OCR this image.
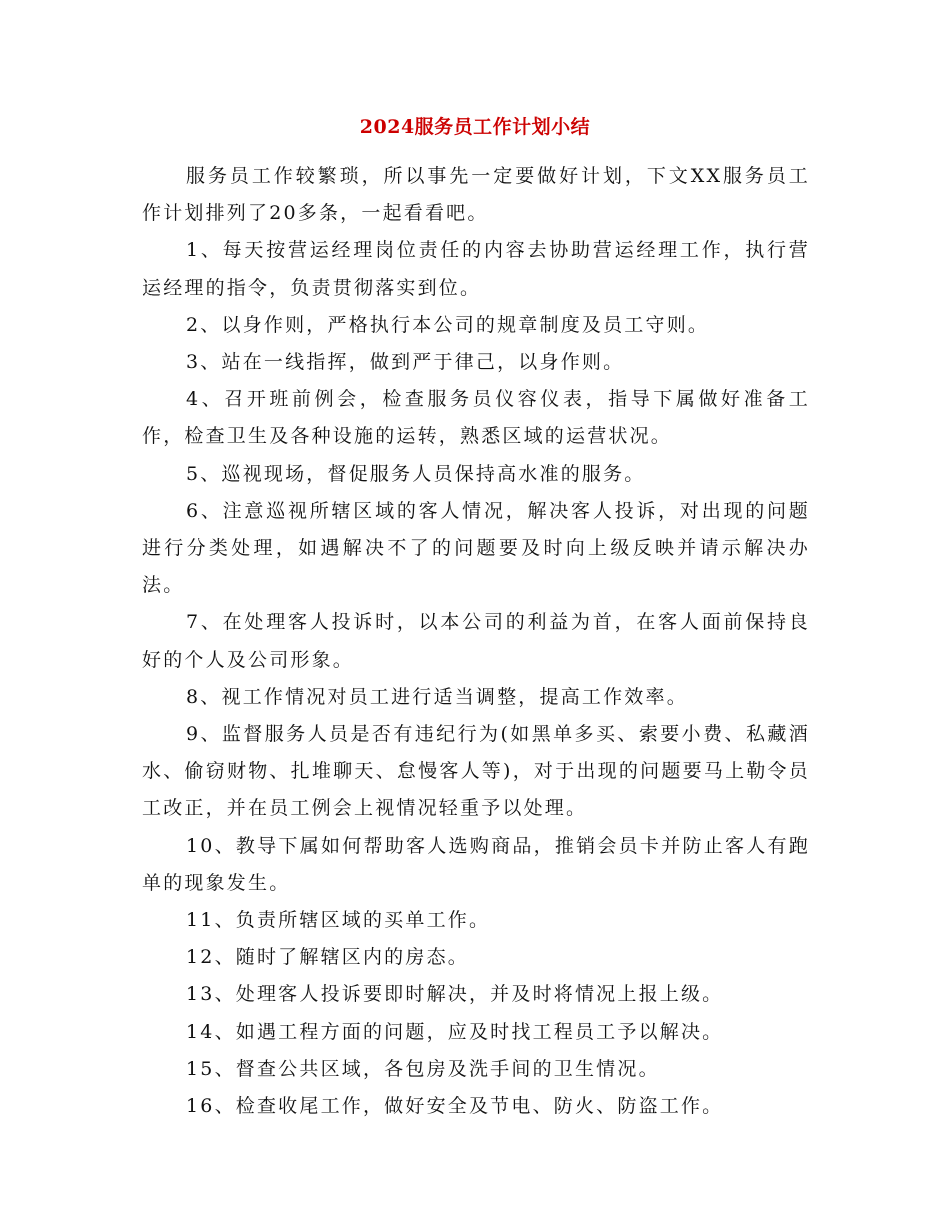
2024服务员工作计划小结

服务员工作较繁琐，所以事先一定要做好计划，下文XX服务员工作计划排列了20多条，一起看看吧。

1、每天按营运经理岗位责任的内容去协助营运经理工作，执行营运经理的指令，负责贯彻落实到位。

2、以身作则，严格执行本公司的规章制度及员工守则。

3、站在一线指挥，做到严于律己，以身作则。

4、召开班前例会，检查服务员仪容仪表，指导下属做好准备工作，检查卫生及各种设施的运转，熟悉区域的运营状况。

5、巡视现场，督促服务人员保持高水准的服务。

6、注意巡视所辖区域的客人情况，解决客人投诉，对出现的问题进行分类处理，如遇解决不了的问题要及时向上级反映并请示解决办法。

7、在处理客人投诉时，以本公司的利益为首，在客人面前保持良好的个人及公司形象。

8、视工作情况对员工进行适当调整，提高工作效率。

9、监督服务人员是否有违纪行为(如黑单多买、索要小费、私藏酒水、偷窃财物、扎堆聊天、怠慢客人等)，对于出现的问题要马上勒令员工改正，并在员工例会上视情况轻重予以处理。

10、教导下属如何帮助客人选购商品，推销会员卡并防止客人有跑单的现象发生。

11、负责所辖区域的买单工作。

12、随时了解辖区内的房态。

13、处理客人投诉要即时解决，并及时将情况上报上级。

14、如遇工程方面的问题，应及时找工程员工予以解决。

15、督查公共区域，各包房及洗手间的卫生情况。

16、检查收尾工作，做好安全及节电、防火、防盗工作。
